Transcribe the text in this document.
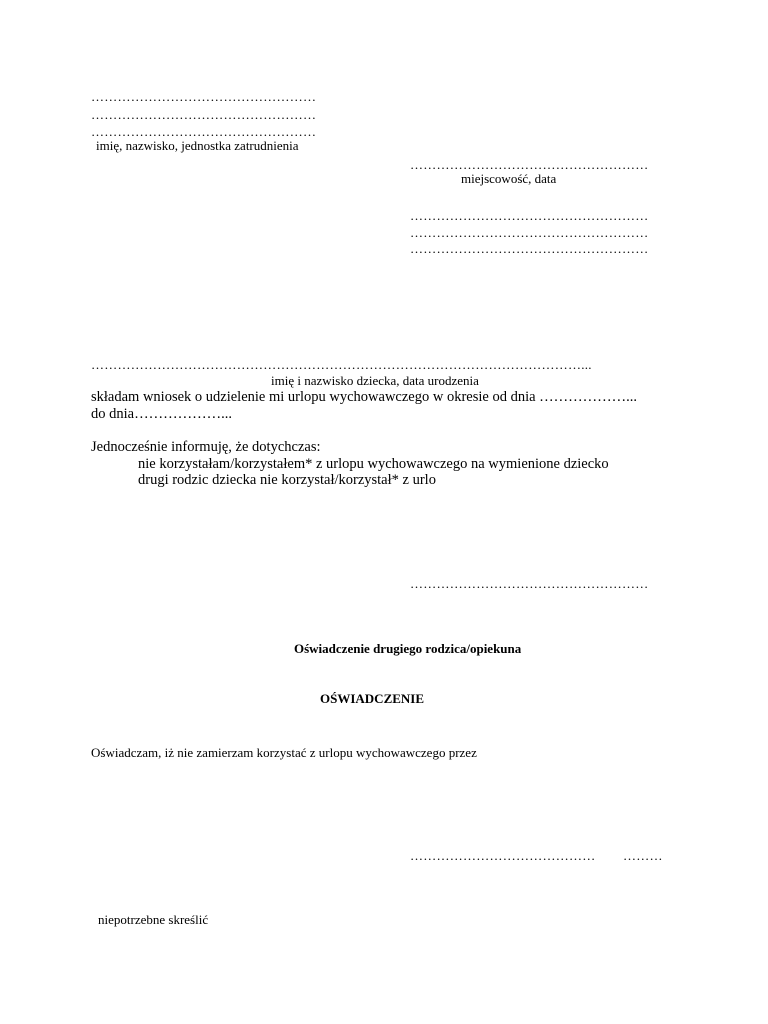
……………………………………………
……………………………………………
……………………………………………
imię, nazwisko, jednostka zatrudnienia
………………………………………………
miejscowość, data
………………………………………………
………………………………………………
………………………………………………
…………………………………………………………………………………………………...
imię i nazwisko dziecka, data urodzenia
składam wniosek o udzielenie mi urlopu wychowawczego w okresie od dnia ………………...
do dnia………………...
Jednocześnie informuję, że dotychczas:
nie korzystałam/korzystałem* z urlopu wychowawczego na wymienione dziecko
drugi rodzic dziecka nie korzystał/korzystał* z urlo
………………………………………………
Oświadczenie drugiego rodzica/opiekuna
OŚWIADCZENIE
Oświadczam, iż nie zamierzam korzystać z urlopu wychowawczego przez
…………………………………… ………
niepotrzebne skreślić
